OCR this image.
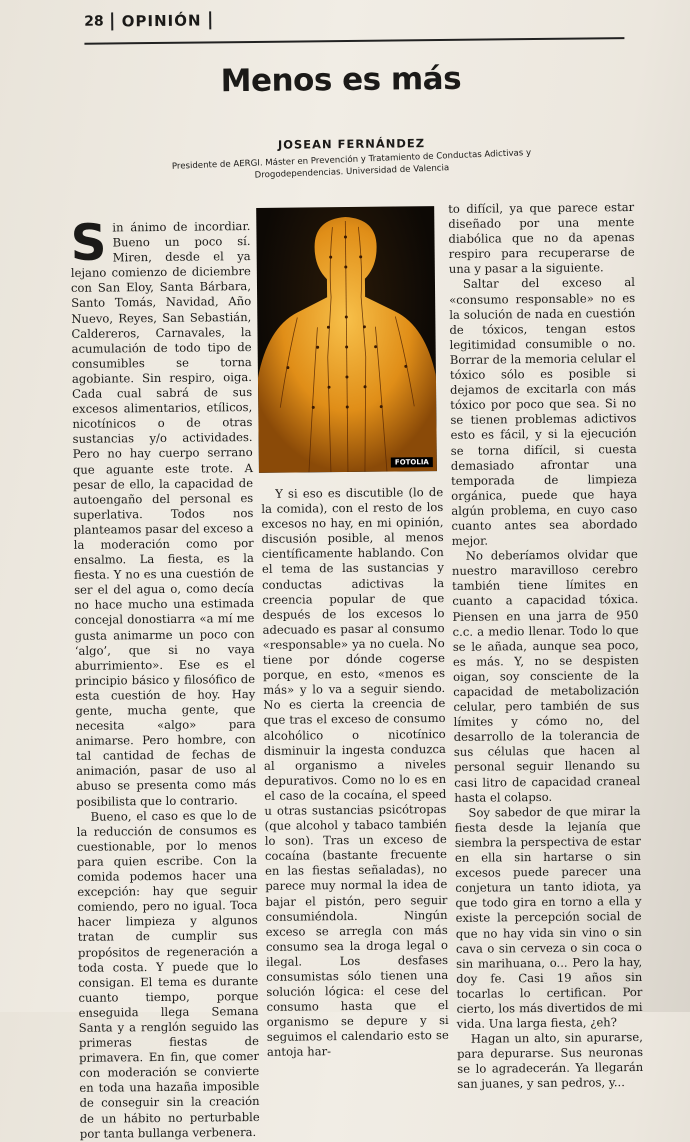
28 OPINIÓN
Menos es más
JOSEAN FERNÁNDEZ
Presidente de AERGI. Máster en Prevención y Tratamiento de Conductas Adictivas y Drogodependencias. Universidad de Valencia

Sin ánimo de incordiar. Bueno un poco sí. Miren, desde el ya lejano comienzo de diciembre con San Eloy, Santa Bárbara, Santo Tomás, Navidad, Año Nuevo, Reyes, San Sebastián, Caldereros, Carnavales, la acumulación de todo tipo de consumibles se torna agobiante. Sin respiro, oiga. Cada cual sabrá de sus excesos alimentarios, etílicos, nicotínicos o de otras sustancias y/o actividades. Pero no hay cuerpo serrano que aguante este trote. A pesar de ello, la capacidad de autoengaño del personal es superlativa. Todos nos planteamos pasar del exceso a la moderación como por ensalmo. La fiesta, es la fiesta. Y no es una cuestión de ser el del agua o, como decía no hace mucho una estimada concejal donostiarra «a mí me gusta animarme un poco con ‘algo’, que si no vaya aburrimiento». Ese es el principio básico y filosófico de esta cuestión de hoy. Hay gente, mucha gente, que necesita «algo» para animarse. Pero hombre, con tal cantidad de fechas de animación, pasar de uso al abuso se presenta como más posibilista que lo contrario.

Bueno, el caso es que lo de la reducción de consumos es cuestionable, por lo menos para quien escribe. Con la comida podemos hacer una excepción: hay que seguir comiendo, pero no igual. Toca hacer limpieza y algunos tratan de cumplir sus propósitos de regeneración a toda costa. Y puede que lo consigan. El tema es durante cuanto tiempo, porque enseguida llega Semana Santa y a renglón seguido las primeras fiestas de primavera. En fin, que comer con moderación se convierte en toda una hazaña imposible de conseguir sin la creación de un hábito no perturbable por tanta bullanga verbenera.

FOTOLIA

Y si eso es discutible (lo de la comida), con el resto de los excesos no hay, en mi opinión, discusión posible, al menos científicamente hablando. Con el tema de las sustancias y conductas adictivas la creencia popular de que después de los excesos lo adecuado es pasar al consumo «responsable» ya no cuela. No tiene por dónde cogerse porque, en esto, «menos es más» y lo va a seguir siendo. No es cierta la creencia de que tras el exceso de consumo alcohólico o nicotínico disminuir la ingesta conduzca al organismo a niveles depurativos. Como no lo es en el caso de la cocaína, el speed u otras sustancias psicótropas (que alcohol y tabaco también lo son). Tras un exceso de cocaína (bastante frecuente en las fiestas señaladas), no parece muy normal la idea de bajar el pistón, pero seguir consumiéndola. Ningún exceso se arregla con más consumo sea la droga legal o ilegal. Los desfases consumistas sólo tienen una solución lógica: el cese del consumo hasta que el organismo se depure y si seguimos el calendario esto se antoja har-

to difícil, ya que parece estar diseñado por una mente diabólica que no da apenas respiro para recuperarse de una y pasar a la siguiente.

Saltar del exceso al «consumo responsable» no es la solución de nada en cuestión de tóxicos, tengan estos legitimidad consumible o no. Borrar de la memoria celular el tóxico sólo es posible si dejamos de excitarla con más tóxico por poco que sea. Si no se tienen problemas adictivos esto es fácil, y si la ejecución se torna difícil, si cuesta demasiado afrontar una temporada de limpieza orgánica, puede que haya algún problema, en cuyo caso cuanto antes sea abordado mejor.

No deberíamos olvidar que nuestro maravilloso cerebro también tiene límites en cuanto a capacidad tóxica. Piensen en una jarra de 950 c.c. a medio llenar. Todo lo que se le añada, aunque sea poco, es más. Y, no se despisten oigan, soy consciente de la capacidad de metabolización celular, pero también de sus límites y cómo no, del desarrollo de la tolerancia de sus células que hacen al personal seguir llenando su casi litro de capacidad craneal hasta el colapso.

Soy sabedor de que mirar la fiesta desde la lejanía que siembra la perspectiva de estar en ella sin hartarse o sin excesos puede parecer una conjetura un tanto idiota, ya que todo gira en torno a ella y existe la percepción social de que no hay vida sin vino o sin cava o sin cerveza o sin coca o sin marihuana, o... Pero la hay, doy fe. Casi 19 años sin tocarlas lo certifican. Por cierto, los más divertidos de mi vida. Una larga fiesta, ¿eh?

Hagan un alto, sin apurarse, para depurarse. Sus neuronas se lo agradecerán. Ya llegarán san juanes, y san pedros, y...
